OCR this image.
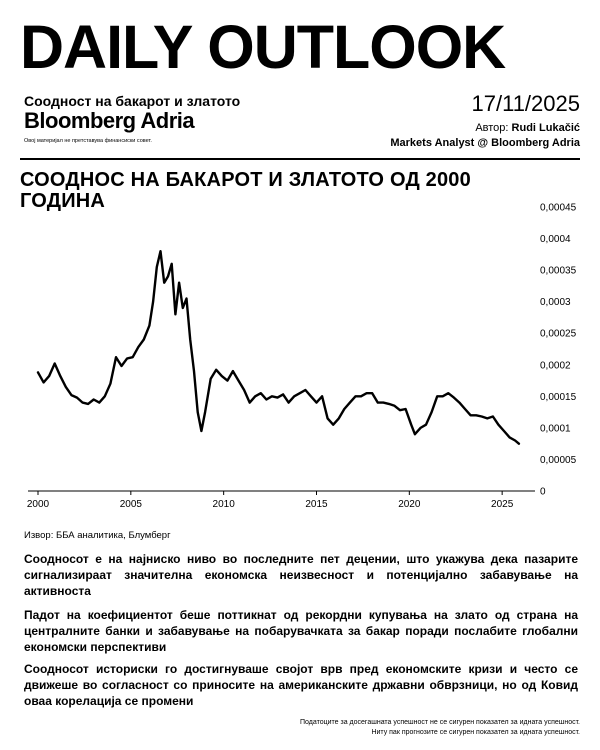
DAILY OUTLOOK
Соодност на бакарот и златото
Bloomberg Adria
Овој материјал не претставува финансиски совет.
17/11/2025
Автор: Rudi Lukačić
Markets Analyst @ Bloomberg Adria
СООДНОС НА БАКАРОТ И ЗЛАТОТО ОД 2000 ГОДИНА
2000	2005	2010	2015	2020	2025
0
0,00005
0,0001
0,00015
0,0002
0,00025
0,0003
0,00035
0,0004
0,00045
Извор: ББА аналитика, Блумберг
Соодносот е на најниско ниво во последните пет децении, што укажува дека пазарите сигнализираат значителна економска неизвесност и потенцијално забавување на активноста
Падот на коефициентот беше поттикнат од рекордни купувања на злато од страна на централните банки и забавување на побарувачката за бакар поради послабите глобални економски перспективи
Соодносот историски го достигнуваше својот врв пред економските кризи и често се движеше во согласност со приносите на американските државни обврзници, но од Ковид оваа корелација се промени
Податоците за досегашната успешност не се сигурен показател за идната успешност.
Ниту пак прогнозите се сигурен показател за идната успешност.
